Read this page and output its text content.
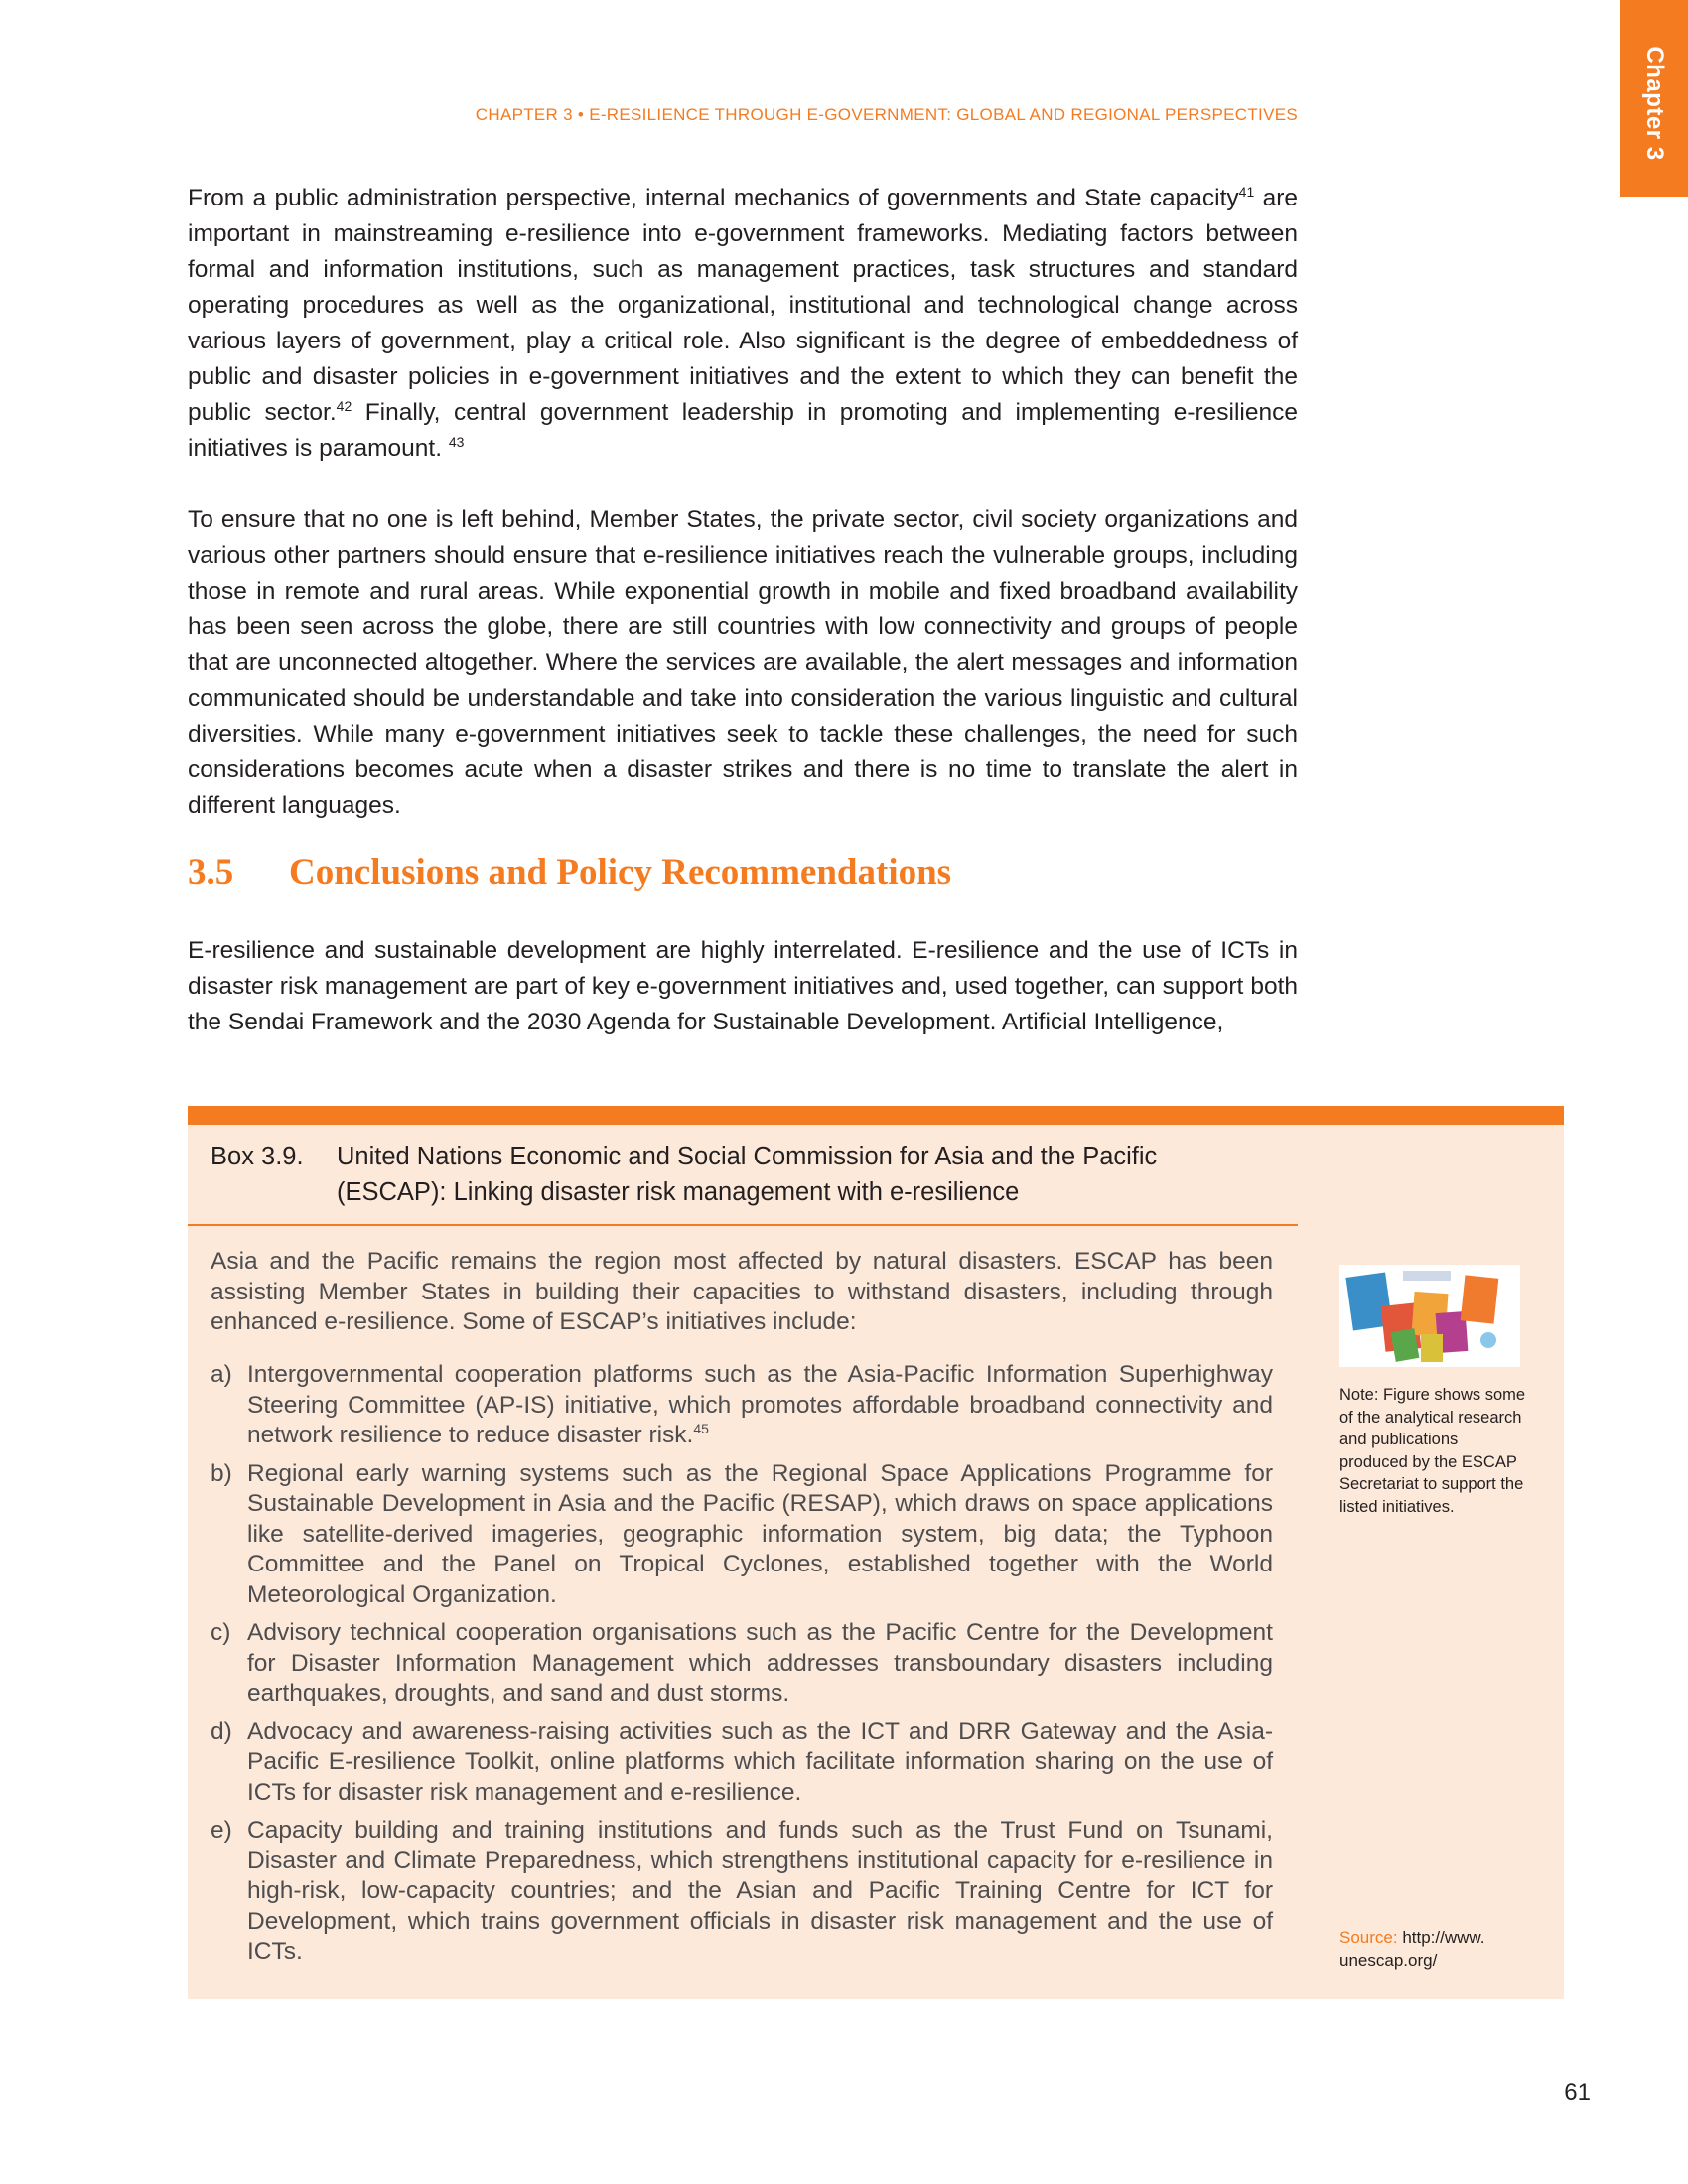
Chapter 3
CHAPTER 3 • E-RESILIENCE THROUGH E-GOVERNMENT: GLOBAL AND REGIONAL PERSPECTIVES

From a public administration perspective, internal mechanics of governments and State capacity$^{41}$ are important in mainstreaming e-resilience into e-government frameworks. Mediating factors between formal and information institutions, such as management practices, task structures and standard operating procedures as well as the organizational, institutional and technological change across various layers of government, play a critical role. Also significant is the degree of embeddedness of public and disaster policies in e-government initiatives and the extent to which they can benefit the public sector.$^{42}$ Finally, central government leadership in promoting and implementing e-resilience initiatives is paramount. $^{43}$

To ensure that no one is left behind, Member States, the private sector, civil society organizations and various other partners should ensure that e-resilience initiatives reach the vulnerable groups, including those in remote and rural areas. While exponential growth in mobile and fixed broadband availability has been seen across the globe, there are still countries with low connectivity and groups of people that are unconnected altogether. Where the services are available, the alert messages and information communicated should be understandable and take into consideration the various linguistic and cultural diversities. While many e-government initiatives seek to tackle these challenges, the need for such considerations becomes acute when a disaster strikes and there is no time to translate the alert in different languages.

3.5 Conclusions and Policy Recommendations

E-resilience and sustainable development are highly interrelated. E-resilience and the use of ICTs in disaster risk management are part of key e-government initiatives and, used together, can support both the Sendai Framework and the 2030 Agenda for Sustainable Development. Artificial Intelligence,

Box 3.9. United Nations Economic and Social Commission for Asia and the Pacific
(ESCAP): Linking disaster risk management with e-resilience

Asia and the Pacific remains the region most affected by natural disasters. ESCAP has been assisting Member States in building their capacities to withstand disasters, including through enhanced e-resilience. Some of ESCAP’s initiatives include:

a) Intergovernmental cooperation platforms such as the Asia-Pacific Information Superhighway Steering Committee (AP-IS) initiative, which promotes affordable broadband connectivity and network resilience to reduce disaster risk.$^{45}$
b) Regional early warning systems such as the Regional Space Applications Programme for Sustainable Development in Asia and the Pacific (RESAP), which draws on space applications like satellite-derived imageries, geographic information system, big data; the Typhoon Committee and the Panel on Tropical Cyclones, established together with the World Meteorological Organization.
c) Advisory technical cooperation organisations such as the Pacific Centre for the Development for Disaster Information Management which addresses transboundary disasters including earthquakes, droughts, and sand and dust storms.
d) Advocacy and awareness-raising activities such as the ICT and DRR Gateway and the Asia-Pacific E-resilience Toolkit, online platforms which facilitate information sharing on the use of ICTs for disaster risk management and e-resilience.
e) Capacity building and training institutions and funds such as the Trust Fund on Tsunami, Disaster and Climate Preparedness, which strengthens institutional capacity for e-resilience in high-risk, low-capacity countries; and the Asian and Pacific Training Centre for ICT for Development, which trains government officials in disaster risk management and the use of ICTs.

Note: Figure shows some of the analytical research and publications produced by the ESCAP Secretariat to support the listed initiatives.

Source: http://www. unescap.org/

61
